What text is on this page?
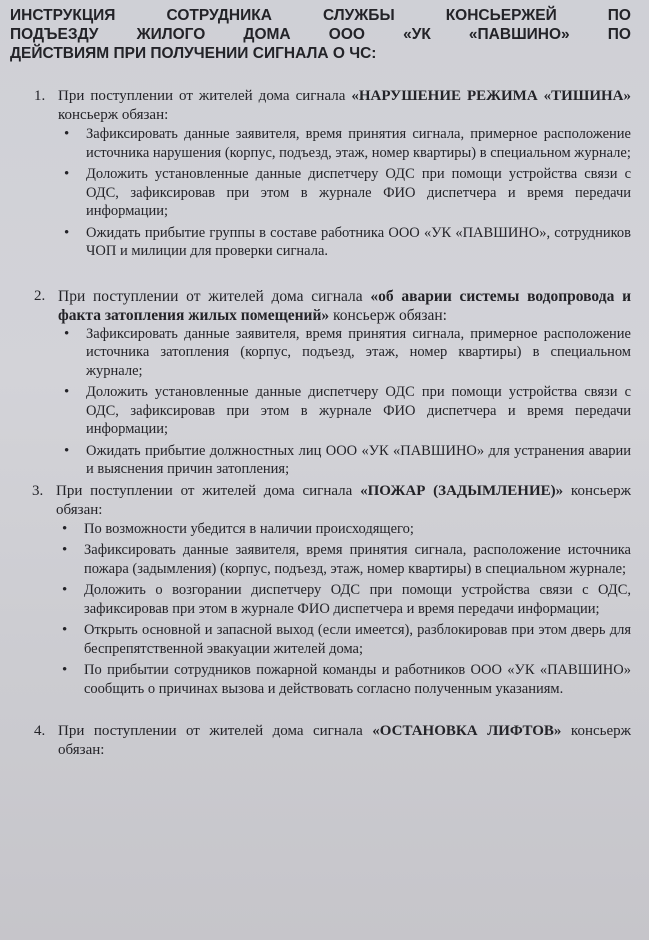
ИНСТРУКЦИЯ СОТРУДНИКА СЛУЖБЫ КОНСЬЕРЖЕЙ ПО
ПОДЪЕЗДУ ЖИЛОГО ДОМА ООО «УК «ПАВШИНО» ПО
ДЕЙСТВИЯМ ПРИ ПОЛУЧЕНИИ СИГНАЛА О ЧС:
1. При поступлении от жителей дома сигнала «НАРУШЕНИЕ РЕЖИМА «ТИШИНА» консьерж обязан:

• Зафиксировать данные заявителя, время принятия сигнала, примерное расположение источника нарушения (корпус, подъезд, этаж, номер квартиры) в специальном журнале;
• Доложить установленные данные диспетчеру ОДС при помощи устройства связи с ОДС, зафиксировав при этом в журнале ФИО диспетчера и время передачи информации;
• Ожидать прибытие группы в составе работника ООО «УК «ПАВШИНО», сотрудников ЧОП и милиции для проверки сигнала.
2. При поступлении от жителей дома сигнала «об аварии системы водопровода и факта затопления жилых помещений» консьерж обязан:

• Зафиксировать данные заявителя, время принятия сигнала, примерное расположение источника затопления (корпус, подъезд, этаж, номер квартиры) в специальном журнале;
• Доложить установленные данные диспетчеру ОДС при помощи устройства связи с ОДС, зафиксировав при этом в журнале ФИО диспетчера и время передачи информации;
• Ожидать прибытие должностных лиц ООО «УК «ПАВШИНО» для устранения аварии и выяснения причин затопления;
3. При поступлении от жителей дома сигнала «ПОЖАР (ЗАДЫМЛЕНИЕ)» консьерж обязан:

• По возможности убедится в наличии происходящего;
• Зафиксировать данные заявителя, время принятия сигнала, расположение источника пожара (задымления) (корпус, подъезд, этаж, номер квартиры) в специальном журнале;
• Доложить о возгорании диспетчеру ОДС при помощи устройства связи с ОДС, зафиксировав при этом в журнале ФИО диспетчера и время передачи информации;
• Открыть основной и запасной выход (если имеется), разблокировав при этом дверь для беспрепятственной эвакуации жителей дома;
• По прибытии сотрудников пожарной команды и работников ООО «УК «ПАВШИНО» сообщить о причинах вызова и действовать согласно полученным указаниям.
4. При поступлении от жителей дома сигнала «ОСТАНОВКА ЛИФТОВ» консьерж обязан:
